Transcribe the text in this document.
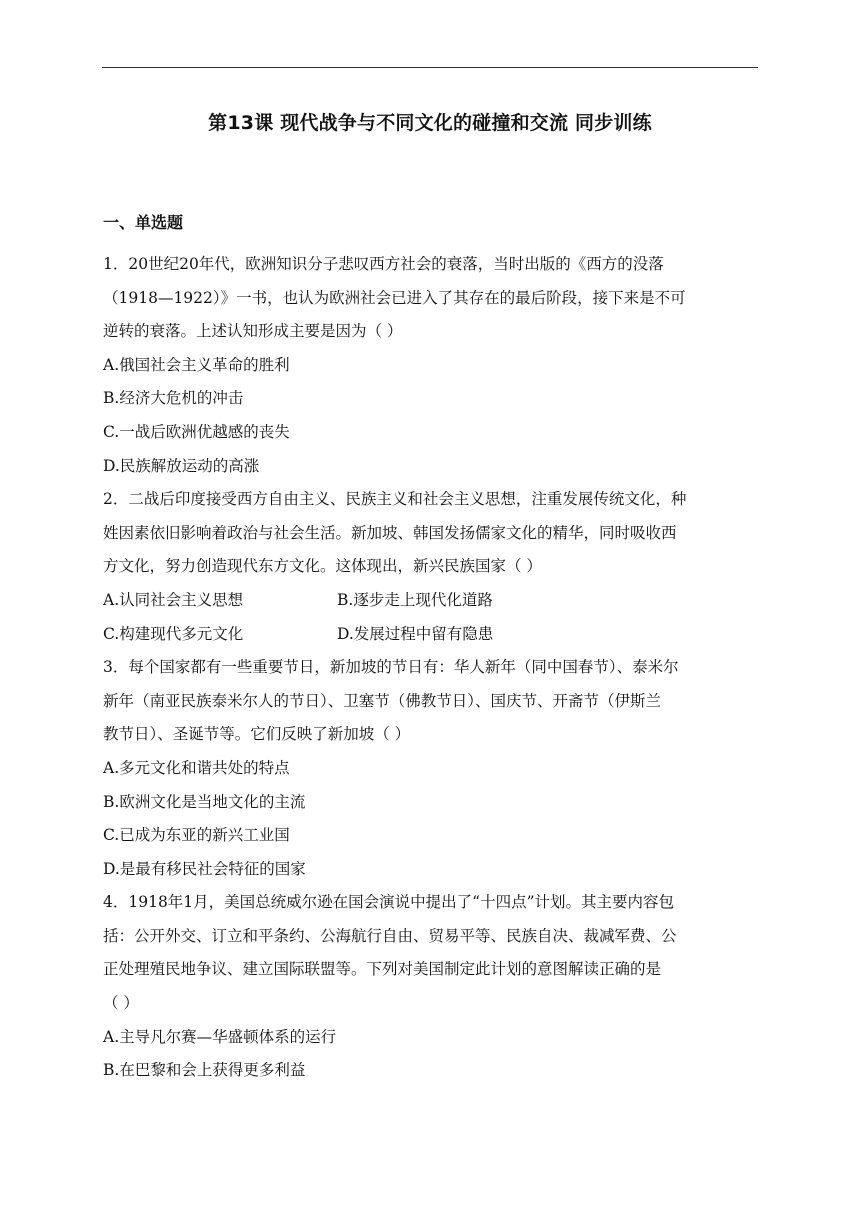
第13课 现代战争与不同文化的碰撞和交流 同步训练
一、单选题
1．20世纪20年代，欧洲知识分子悲叹西方社会的衰落，当时出版的《西方的没落
（1918—1922）》一书，也认为欧洲社会已进入了其存在的最后阶段，接下来是不可
逆转的衰落。上述认知形成主要是因为（ ）
A.俄国社会主义革命的胜利
B.经济大危机的冲击
C.一战后欧洲优越感的丧失
D.民族解放运动的高涨
2．二战后印度接受西方自由主义、民族主义和社会主义思想，注重发展传统文化，种
姓因素依旧影响着政治与社会生活。新加坡、韩国发扬儒家文化的精华，同时吸收西
方文化，努力创造现代东方文化。这体现出，新兴民族国家（ ）
A.认同社会主义思想	B.逐步走上现代化道路
C.构建现代多元文化	D.发展过程中留有隐患
3．每个国家都有一些重要节日，新加坡的节日有：华人新年（同中国春节）、泰米尔
新年（南亚民族泰米尔人的节日）、卫塞节（佛教节日）、国庆节、开斋节（伊斯兰
教节日）、圣诞节等。它们反映了新加坡（ ）
A.多元文化和谐共处的特点
B.欧洲文化是当地文化的主流
C.已成为东亚的新兴工业国
D.是最有移民社会特征的国家
4．1918年1月，美国总统威尔逊在国会演说中提出了“十四点”计划。其主要内容包
括：公开外交、订立和平条约、公海航行自由、贸易平等、民族自决、裁减军费、公
正处理殖民地争议、建立国际联盟等。下列对美国制定此计划的意图解读正确的是
（ ）
A.主导凡尔赛—华盛顿体系的运行
B.在巴黎和会上获得更多利益
